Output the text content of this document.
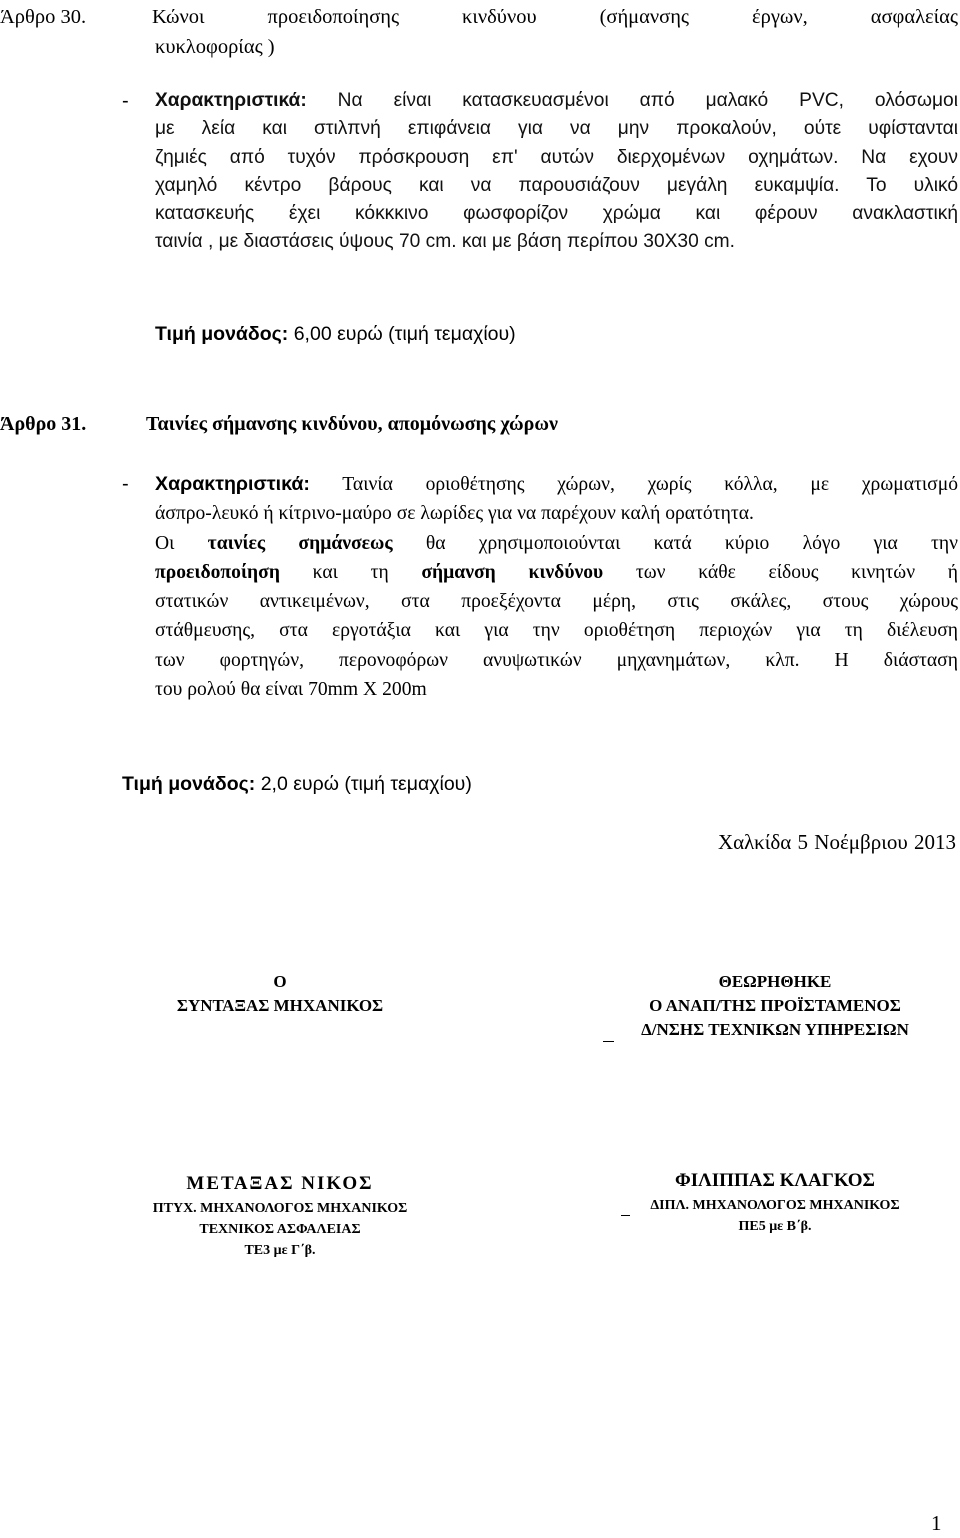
Άρθρο 30.	Κώνοι προειδοποίησης κινδύνου (σήμανσης έργων, ασφαλείας
κυκλοφορίας )
- Χαρακτηριστικά: Να είναι κατασκευασμένοι από μαλακό PVC, ολόσωμοι
με λεία και στιλπνή επιφάνεια για να μην προκαλούν, ούτε υφίστανται
ζημιές από τυχόν πρόσκρουση επ' αυτών διερχομένων οχημάτων. Να εχουν
χαμηλό κέντρο βάρους και να παρουσιάζουν μεγάλη ευκαμψία. Το υλικό
κατασκευής έχει κόκκκινο φωσφορίζον χρώμα και φέρουν ανακλαστική
ταινία , με διαστάσεις ύψους 70 cm. και με βάση περίπου 30Χ30 cm.
Τιμή μονάδος: 6,00 ευρώ (τιμή τεμαχίου)
Άρθρο 31.	Ταινίες σήμανσης κινδύνου, απομόνωσης χώρων
- Χαρακτηριστικά: Ταινία οριοθέτησης χώρων, χωρίς κόλλα, με χρωματισμό
άσπρο-λευκό ή κίτρινο-μαύρο σε λωρίδες για να παρέχουν καλή ορατότητα.
Οι ταινίες σημάνσεως θα χρησιμοποιούνται κατά κύριο λόγο για την
προειδοποίηση και τη σήμανση κινδύνου των κάθε είδους κινητών ή
στατικών αντικειμένων, στα προεξέχοντα μέρη, στις σκάλες, στους χώρους
στάθμευσης, στα εργοτάξια και για την οριοθέτηση περιοχών για τη διέλευση
των φορτηγών, περονοφόρων ανυψωτικών μηχανημάτων, κλπ. Η διάσταση
του ρολού θα είναι 70mm Χ 200m
Τιμή μονάδος: 2,0 ευρώ (τιμή τεμαχίου)
Χαλκίδα 5 Νοέμβριου 2013
Ο
ΣΥΝΤΑΞΑΣ ΜΗΧΑΝΙΚΟΣ
ΘΕΩΡΗΘΗΚΕ
Ο ΑΝΑΠ/ΤΗΣ ΠΡΟΪΣΤΑΜΕΝΟΣ
Δ/ΝΣΗΣ ΤΕΧΝΙΚΩΝ ΥΠΗΡΕΣΙΩΝ
ΜΕΤΑΞΑΣ ΝΙΚΟΣ
ΠΤΥΧ. ΜΗΧΑΝΟΛΟΓΟΣ ΜΗΧΑΝΙΚΟΣ
ΤΕΧΝΙΚΟΣ ΑΣΦΑΛΕΙΑΣ
ΤΕ3 με Γ΄β.
ΦΙΛΙΠΠΑΣ ΚΛΑΓΚΟΣ
ΔΙΠΛ. ΜΗΧΑΝΟΛΟΓΟΣ ΜΗΧΑΝΙΚΟΣ
ΠΕ5 με Β΄β.
1
